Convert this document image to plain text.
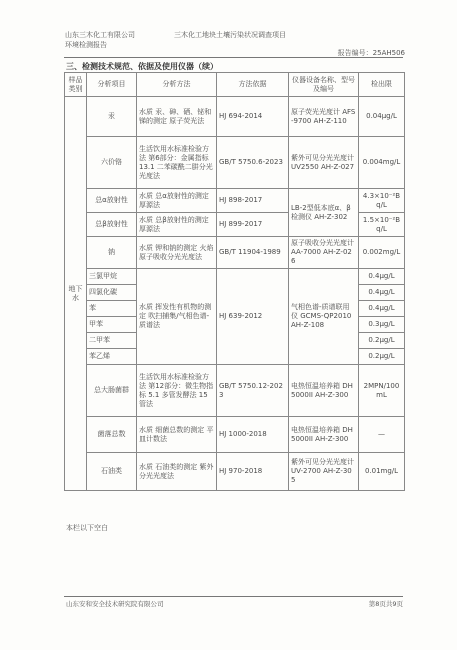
山东三木化工有限公司
环境检测报告
三木化工地块土壤污染状况调查项目
报告编号：25AH506
三、检测技术规范、依据及使用仪器（续）
样品类别	分析项目	分析方法	方法依据	仪器设备名称、型号及编号	检出限
地下水	汞	水质 汞、砷、硒、铋和锑的测定 原子荧光法	HJ 694-2014	原子荧光光度计 AFS-9700 AH-Z-110	0.04μg/L
	六价铬	生活饮用水标准检验方法 第6部分：金属指标 13.1 二苯碳酰二肼分光光度法	GB/T 5750.6-2023	紫外可见分光光度计 UV2550 AH-Z-027	0.004mg/L
	总α放射性	水质 总α放射性的测定 厚源法	HJ 898-2017	LB-2型低本底α、β检测仪 AH-Z-302	4.3×10⁻²Bq/L
	总β放射性	水质 总β放射性的测定 厚源法	HJ 899-2017		1.5×10⁻²Bq/L
	钠	水质 钾和钠的测定 火焰原子吸收分光光度法	GB/T 11904-1989	原子吸收分光光度计 AA-7000 AH-Z-026	0.002mg/L
	三氯甲烷	水质 挥发性有机物的测定 吹扫捕集/气相色谱-质谱法	HJ 639-2012	气相色谱-质谱联用仪 GCMS-QP2010 AH-Z-108	0.4μg/L
	四氯化碳				0.4μg/L
	苯				0.4μg/L
	甲苯				0.3μg/L
	二甲苯				0.2μg/L
	苯乙烯				0.2μg/L
	总大肠菌群	生活饮用水标准检验方法 第12部分：微生物指标 5.1 多管发酵法 15管法	GB/T 5750.12-2023	电热恒温培养箱 DH5000II AH-Z-300	2MPN/100mL
	菌落总数	水质 细菌总数的测定 平皿计数法	HJ 1000-2018	电热恒温培养箱 DH5000II AH-Z-300	—
	石油类	水质 石油类的测定 紫外分光光度法	HJ 970-2018	紫外可见分光光度计 UV-2700 AH-Z-305	0.01mg/L
本栏以下空白
山东安和安全技术研究院有限公司	第8页共9页
